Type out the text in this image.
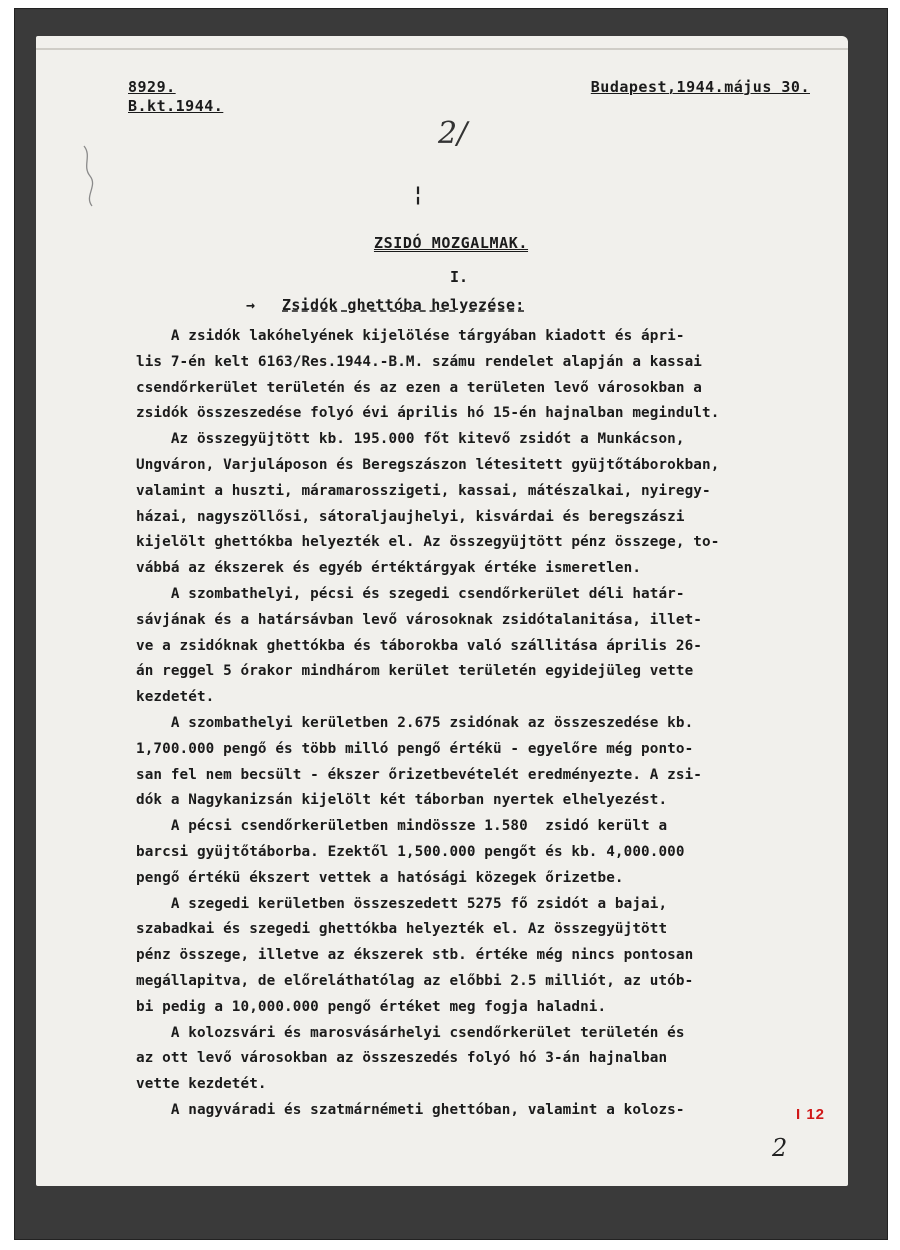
8929.
B.kt.1944.
Budapest,1944.május 30.
2/
¦
ZSIDÓ MOZGALMAK.
I.
→ Zsidók ghettóba helyezése:
A zsidók lakóhelyének kijelölése tárgyában kiadott és ápri-
lis 7-én kelt 6163/Res.1944.-B.M. számu rendelet alapján a kassai
csendőrkerület területén és az ezen a területen levő városokban a
zsidók összeszedése folyó évi április hó 15-én hajnalban megindult.
Az összegyüjtött kb. 195.000 főt kitevő zsidót a Munkácson,
Ungváron, Varjuláposon és Beregszászon létesitett gyüjtőtáborokban,
valamint a huszti, máramarosszigeti, kassai, mátészalkai, nyiregy-
házai, nagyszöllősi, sátoraljaujhelyi, kisvárdai és beregszászi
kijelölt ghettókba helyezték el. Az összegyüjtött pénz összege, to-
vábbá az ékszerek és egyéb értéktárgyak értéke ismeretlen.
A szombathelyi, pécsi és szegedi csendőrkerület déli határ-
sávjának és a határsávban levő városoknak zsidótalanitása, illet-
ve a zsidóknak ghettókba és táborokba való szállitása április 26-
án reggel 5 órakor mindhárom kerület területén egyidejüleg vette
kezdetét.
A szombathelyi kerületben 2.675 zsidónak az összeszedése kb.
1,700.000 pengő és több milló pengő értékü - egyelőre még ponto-
san fel nem becsült - ékszer őrizetbevételét eredményezte. A zsi-
dók a Nagykanizsán kijelölt két táborban nyertek elhelyezést.
A pécsi csendőrkerületben mindössze 1.580  zsidó került a
barcsi gyüjtőtáborba. Ezektől 1,500.000 pengőt és kb. 4,000.000
pengő értékü ékszert vettek a hatósági közegek őrizetbe.
A szegedi kerületben összeszedett 5275 fő zsidót a bajai,
szabadkai és szegedi ghettókba helyezték el. Az összegyüjtött
pénz összege, illetve az ékszerek stb. értéke még nincs pontosan
megállapitva, de előreláthatólag az előbbi 2.5 milliót, az utób-
bi pedig a 10,000.000 pengő értéket meg fogja haladni.
A kolozsvári és marosvásárhelyi csendőrkerület területén és
az ott levő városokban az összeszedés folyó hó 3-án hajnalban
vette kezdetét.
A nagyváradi és szatmárnémeti ghettóban, valamint a kolozs-	I 12
2
